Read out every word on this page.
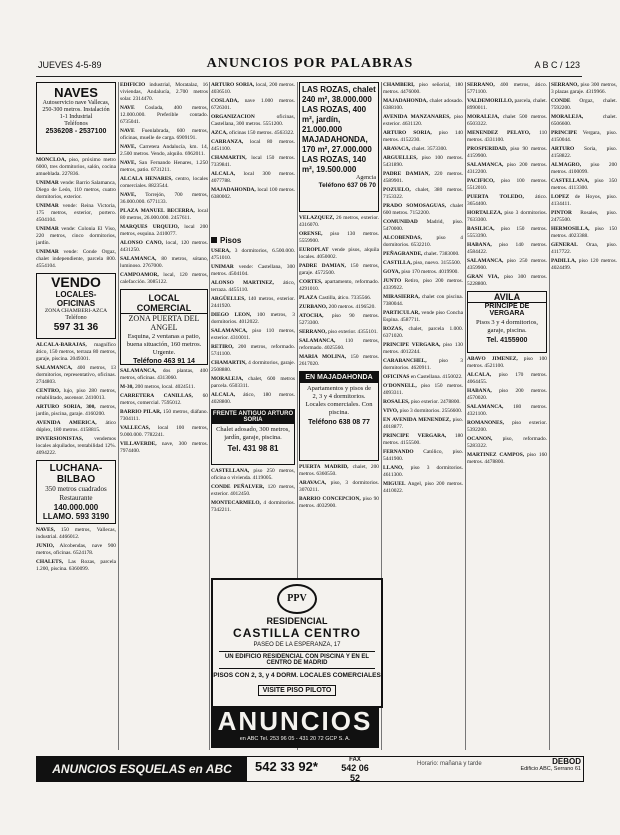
JUEVES 4-5-89	ANUNCIOS POR PALABRAS	A B C / 123
NAVES
Autoservicio nave Vallecas, 250-300 metros. Instalación 1-1 Industrial
Teléfonos
2536208 - 2537100

MONCLOA, piso, próximo metro 6000, tres dormitorios, salón, cocina amueblada. 227836.

UNIMAR vende: Barrio Salamanca, Diego de León, 110 metros, cuatro dormitorios, exterior.

UNIMAR vende: Reina Victoria, 175 metros, exterior, portero. 4504104.

UNIMAR vende: Colonia El Viso, 220 metros, cinco dormitorios, jardín.

UNIMAR vende: Conde Orgaz, chalet independiente, parcela 800. 4554104.

VENDO
LOCALES-OFICINAS
ZONA CHAMBERI-AZCA
Teléfono
597 31 36

ALCALA-BARAJAS, magnífico ático, 150 metros, terraza 80 metros, garaje, piscina. 2049301.

SALAMANCA, 400 metros, 13 dormitorios, representativo, oficinas. 2744803.

CENTRO, lujo, piso 280 metros, rehabilitado, ascensor. 2410013.

ARTURO SORIA, 300, metros, jardín, piscina, garaje. 4160200.

AVENIDA AMERICA, ático dúplex, 180 metros. 4158815.

INVERSIONISTAS, vendemos locales alquilados, rentabilidad 12%. 4094222.

LUCHANA-BILBAO
350 metros cuadrados
Restaurante
140.000.000
LLAMO. 593 3190

NAVES, 150 metros, Vallecas, industrial. 4466012.

JUNIO, Alcobendas, nave 900 metros, oficinas. 6524178.

CHALETS, Las Rozas, parcela 1.200, piscina. 6360099.

EDIFICIO industrial, Moratalaz, 16 viviendas, Andalucía, 2.700 metros solar. 2314470.

NAVE Coslada, 400 metros, 12.000.000. Preferible contado. 6735041.

NAVE Fuenlabrada, 600 metros, oficinas, muelle de carga. 6909191.

NAVE, Carretera Andalucía, km. 14, 2.500 metros. Vendo, alquilo. 6962011.

NAVE, San Fernando Henares, 1.250 metros, patio. 6731211.

ALCALA HENARES, centro, locales comerciales. 8823544.

NAVE, Torrejón, 700 metros, 36.000.000. 6771133.

PLAZA MANUEL BECERRA, local 80 metros, 26.000.000. 2457611.

MARQUES URQUIJO, local 200 metros, esquina. 2410077.

ALONSO CANO, local, 120 metros. 4431250.

SALAMANCA, 80 metros, sótano, luminoso. 2767000.

CAMPOAMOR, local, 120 metros, calefacción. 3085122.

LOCAL COMERCIAL
ZONA PUERTA DEL ANGEL
Esquina, 2 ventanas a patio, buena situación, 160 metros. Urgente.
Teléfono 463 91 14

SALAMANCA, dos plantas, 400 metros, oficinas. 4313060.

M-30, 200 metros, local. 4024511.

CARRETERA CANILLAS, 60 metros, comercial. 7595012.

BARRIO PILAR, 150 metros, diáfano. 7304111.

VALLECAS, local 100 metros, 9.000.000. 7782241.

VILLAVERDE, nave, 300 metros. 7974400.

ARTURO SORIA, local, 200 metros. 4036510.

COSLADA, nave 1.000 metros. 6726301.

ORGANIZACION oficinas, Castellana, 300 metros. 5551200.

AZCA, oficinas 150 metros. 4563322.

CARRANZA, local 80 metros. 4451100.

CHAMARTIN, local 150 metros. 7339841.

ALCALA, local 300 metros. 4077788.

MAJADAHONDA, local 100 metros. 6380002.

Pisos

USERA, 3 dormitorios, 6.500.000. 4751010.

UNIMAR vende: Castellana, 300 metros. 4504104.

ALONSO MARTINEZ, ático, terraza. 4455110.

ARGÜELLES, 140 metros, exterior. 2441920.

DIEGO LEON, 100 metros, 3 dormitorios. 4012022.

SALAMANCA, piso 110 metros, exterior. 4310011.

RETIRO, 200 metros, reformado. 5741100.

CHAMARTIN, 4 dormitorios, garaje. 2508880.

MORALEJA, chalet, 600 metros parcela. 6503311.

ALCALA, ático, 180 metros. 4028800.

FRENTE ANTIGUO ARTURO SORIA
Chalet adosado, 300 metros, jardín, garaje, piscina.
Tel. 431 98 81

CASTELLANA, piso 250 metros, oficina o vivienda. 4119005.

CONDE PEÑALVER, 120 metros, exterior. 4012450.

MONTECARMELO, 4 dormitorios. 7342211.

LAS ROZAS, chalet 240 m², 38.000.000
LAS ROZAS, 400 m², jardín, 21.000.000
MAJADAHONDA, 170 m², 27.000.000
LAS ROZAS, 140 m², 19.500.000
Agencia
Teléfono 637 06 70

VELAZQUEZ, 26 metros, exterior. 4316070.

ORENSE, piso 130 metros. 5559900.

EUROPLAT vende pisos, alquila locales. 4050002.

PADRE DAMIAN, 150 metros, garaje. 4572500.

CORTES, apartamento, reformado. 4291010.

PLAZA Castilla, ático. 7335566.

ZURBANO, 200 metros. 4196520.

ATOCHA, piso 90 metros. 5273300.

SERRANO, piso exterior. 4355101.

SALAMANCA, 110 metros, reformado. 4025560.

MARIA MOLINA, 150 metros. 2617020.

EN MAJADAHONDA
Apartamentos y pisos de 2, 3 y 4 dormitorios. Locales comerciales. Con piscina.
Teléfono 638 08 77

PUERTA MADRID, chalet, 200 metros. 6360550.

ARAVACA, piso, 3 dormitorios. 3070211.

BARRIO CONCEPCION, piso 90 metros. 4032900.

CHAMBERI, piso señorial, 180 metros. 4476000.

MAJADAHONDA, chalet adosado. 6388100.

AVENIDA MANZANARES, piso exterior. 4631120.

ARTURO SORIA, piso 140 metros. 4152230.

ARAVACA, chalet. 3573300.

ARGUELLES, piso 100 metros. 5431890.

PADRE DAMIAN, 220 metros. 4589901.

POZUELO, chalet, 380 metros. 7153322.

PRADO SOMOSAGUAS, chalet 600 metros. 7152200.

COMUNIDAD Madrid, piso. 5470000.

ALCOBENDAS, piso 4 dormitorios. 6532210.

PEÑAGRANDE, chalet. 7383000.

CASTILLA, piso, nuevo. 3155500.

GOYA, piso 170 metros. 4019900.

JUNTO Retiro, piso 200 metros. 4339922.

MIRASIERRA, chalet con piscina. 7380044.

PARTICULAR, vende piso Concha Espina. 4587711.

ROZAS, chalet, parcela 1.000. 6371020.

PRINCIPE VERGARA, piso 130 metros. 4012244.

CARABANCHEL, piso 3 dormitorios. 4620911.

OFICINAS en Castellana. 4150022.

O'DONNELL, piso 150 metros. 4093311.

ROSALES, piso exterior. 2478800.

VIVO, piso 3 dormitorios. 2556600.

EN AVENIDA MENENDEZ, piso. 4018877.

PRINCIPE VERGARA, 180 metros. 4155500.

FERNANDO Católico, piso. 5441900.

LLANO, piso 3 dormitorios. 4611300.

MIGUEL Angel, piso 200 metros. 4410022.

SERRANO, 400 metros, ático. 5771100.

VALDEMORILLO, parcela, chalet. 8990011.

MORALEJA, chalet 500 metros. 6503322.

MENENDEZ PELAYO, 110 metros. 4331100.

PROSPERIDAD, piso 90 metros. 4159900.

SALAMANCA, piso 200 metros. 4312200.

PACIFICO, piso 100 metros. 5512010.

PUERTA TOLEDO, ático. 3654400.

HORTALEZA, piso 3 dormitorios. 7633300.

BASILICA, piso 150 metros. 5553390.

HABANA, piso 140 metros. 4584422.

SALAMANCA, piso 250 metros. 4359900.

GRAN VIA, piso 300 metros. 5228800.

AVILA
PRINCIPE DE VERGARA
Pisos 3 y 4 dormitorios, garaje, piscina.
Tel. 4155900

ABAVO JIMENEZ, piso 100 metros. 4521100.

ALCALA, piso 170 metros. 4064455.

HABANA, piso 200 metros. 4570020.

SALAMANCA, 180 metros. 4321100.

ROMANONES, piso exterior. 5392200.

OCANON, piso, reformado. 5283322.

MARTINEZ CAMPOS, piso 160 metros. 4478800.

SERRANO, piso 300 metros, 3 plazas garaje. 4319966.

CONDE Orgaz, chalet. 7592200.

MORALEJA, chalet. 6506600.

PRINCIPE Vergara, piso. 4150044.

ARTURO Soria, piso. 4158822.

ALMAGRO, piso 200 metros. 4100099.

CASTELLANA, piso 350 metros. 4113300.

LOPEZ de Hoyos, piso. 4134411.

PINTOR Rosales, piso. 2475500.

HERMOSILLA, piso 150 metros. 4023388.

GENERAL Oraa, piso. 4117722.

PADILLA, piso 120 metros. 4024499.

PPV
RESIDENCIAL
CASTILLA CENTRO
PASEO DE LA ESPERANZA, 17
UN EDIFICIO RESIDENCIAL CON PISCINA Y EN EL CENTRO DE MADRID
PISOS CON 2, 3, y 4 DORM. LOCALES COMERCIALES
VISITE PISO PILOTO
ANUNCIOS
en ABC Tel. 253 96 05 - 431 20 72 GCP S. A.
ANUNCIOS ESQUELAS en ABC	542 33 92*	FAX
542 06 52
Horario: mañana y tarde	DEBOD
Edificio ABC, Serrano 61
